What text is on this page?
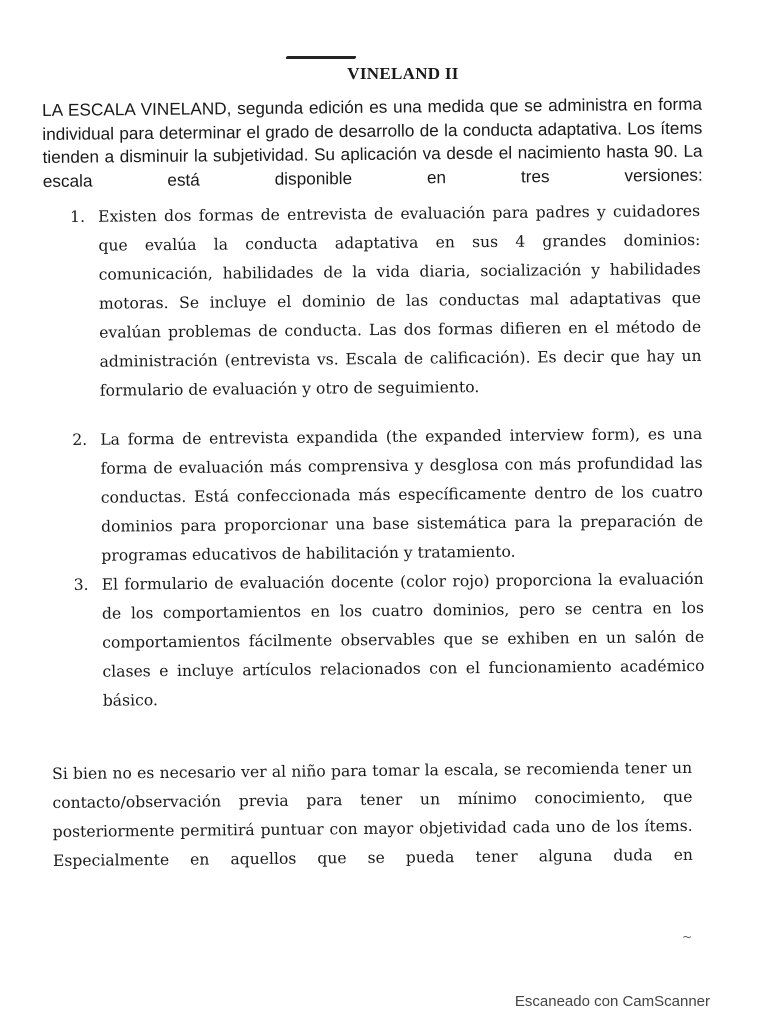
VINELAND II

LA ESCALA VINELAND, segunda edición es una medida que se administra en forma individual para determinar el grado de desarrollo de la conducta adaptativa. Los ítems tienden a disminuir la subjetividad. Su aplicación va desde el nacimiento hasta 90. La escala está disponible en tres versiones:

1. Existen dos formas de entrevista de evaluación para padres y cuidadores que evalúa la conducta adaptativa en sus 4 grandes dominios: comunicación, habilidades de la vida diaria, socialización y habilidades motoras. Se incluye el dominio de las conductas mal adaptativas que evalúan problemas de conducta. Las dos formas difieren en el método de administración (entrevista vs. Escala de calificación). Es decir que hay un formulario de evaluación y otro de seguimiento.
2. La forma de entrevista expandida (the expanded interview form), es una forma de evaluación más comprensiva y desglosa con más profundidad las conductas. Está confeccionada más específicamente dentro de los cuatro dominios para proporcionar una base sistemática para la preparación de programas educativos de habilitación y tratamiento.
3. El formulario de evaluación docente (color rojo) proporciona la evaluación de los comportamientos en los cuatro dominios, pero se centra en los comportamientos fácilmente observables que se exhiben en un salón de clases e incluye artículos relacionados con el funcionamiento académico básico.

Si bien no es necesario ver al niño para tomar la escala, se recomienda tener un contacto/observación previa para tener un mínimo conocimiento, que posteriormente permitirá puntuar con mayor objetividad cada uno de los ítems. Especialmente en aquellos que se pueda tener alguna duda en

~
Escaneado con CamScanner
